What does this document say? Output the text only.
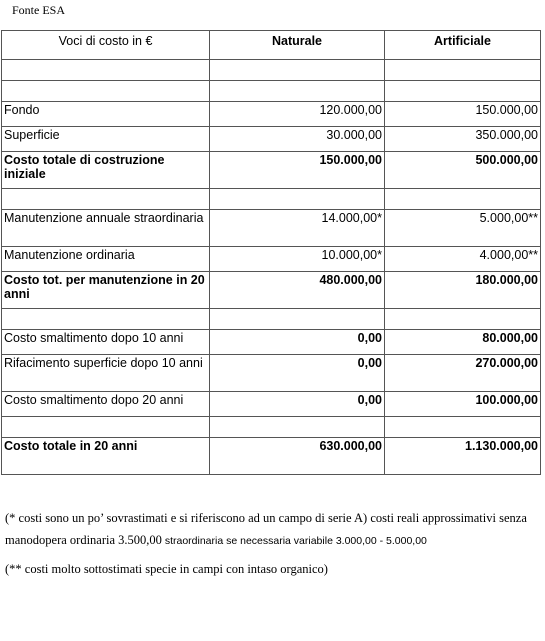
Fonte ESA
Voci di costo in €	Naturale	Artificiale

Fondo	120.000,00	150.000,00
Superficie	30.000,00	350.000,00
Costo totale di costruzione iniziale	150.000,00	500.000,00

Manutenzione annuale straordinaria	14.000,00*	5.000,00**
Manutenzione ordinaria	10.000,00*	4.000,00**
Costo tot. per manutenzione in 20 anni	480.000,00	180.000,00

Costo smaltimento dopo 10 anni	0,00	80.000,00
Rifacimento superficie dopo 10 anni	0,00	270.000,00
Costo smaltimento dopo 20 anni	0,00	100.000,00

Costo totale in 20 anni	630.000,00	1.130.000,00

(* costi sono un po’ sovrastimati e si riferiscono ad un campo di serie A) costi reali approssimativi senza manodopera ordinaria 3.500,00 straordinaria se necessaria variabile 3.000,00 - 5.000,00

(** costi molto sottostimati specie in campi con intaso organico)
